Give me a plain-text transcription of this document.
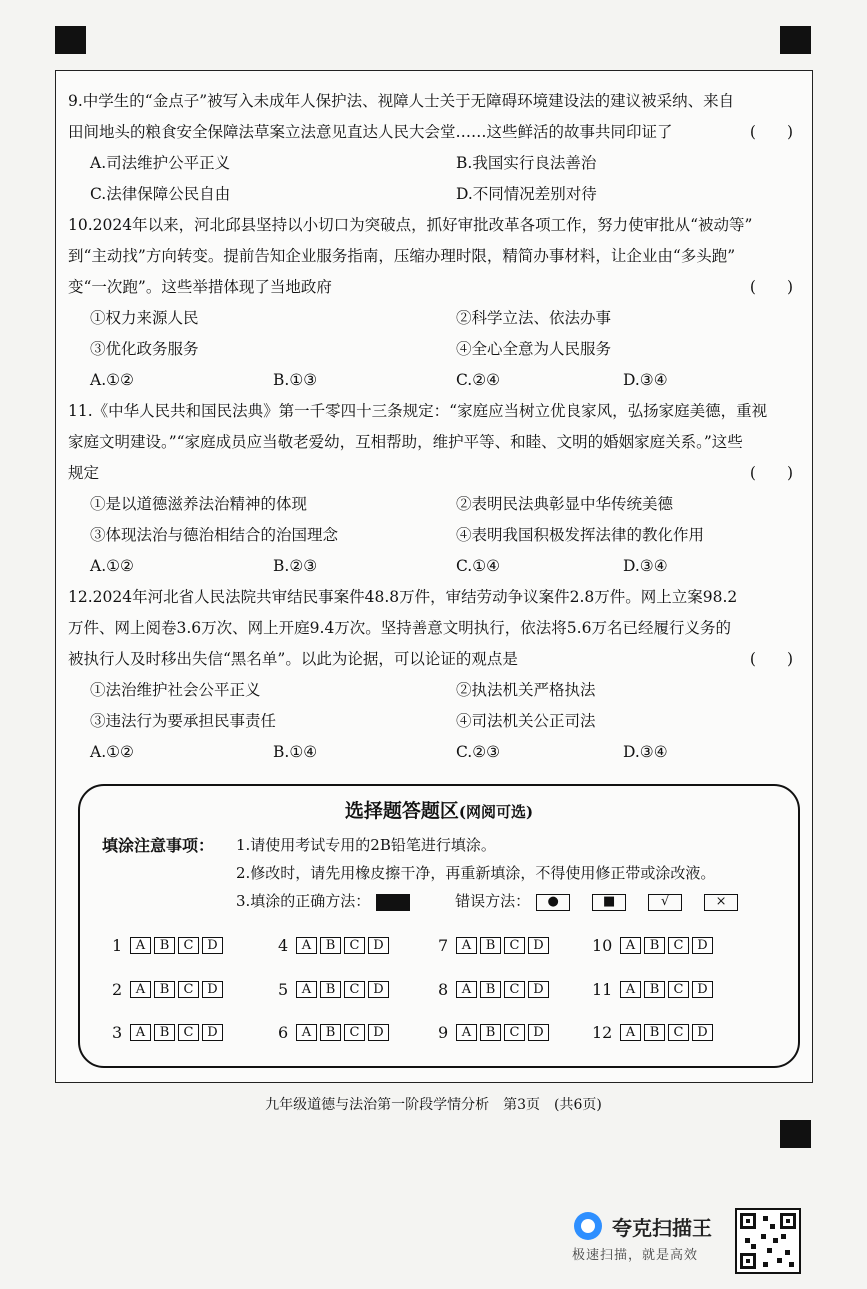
9.中学生的“金点子”被写入未成年人保护法、视障人士关于无障碍环境建设法的建议被采纳、来自
田间地头的粮食安全保障法草案立法意见直达人民大会堂……这些鲜活的故事共同印证了	(　　)
A.司法维护公平正义	B.我国实行良法善治
C.法律保障公民自由	D.不同情况差别对待
10.2024年以来，河北邱县坚持以小切口为突破点，抓好审批改革各项工作，努力使审批从“被动等”
到“主动找”方向转变。提前告知企业服务指南，压缩办理时限，精简办事材料，让企业由“多头跑”
变“一次跑”。这些举措体现了当地政府	(　　)
①权力来源人民	②科学立法、依法办事
③优化政务服务	④全心全意为人民服务
A.①②	B.①③	C.②④	D.③④
11.《中华人民共和国民法典》第一千零四十三条规定：“家庭应当树立优良家风，弘扬家庭美德，重视
家庭文明建设。”“家庭成员应当敬老爱幼，互相帮助，维护平等、和睦、文明的婚姻家庭关系。”这些
规定	(　　)
①是以道德滋养法治精神的体现	②表明民法典彰显中华传统美德
③体现法治与德治相结合的治国理念	④表明我国积极发挥法律的教化作用
A.①②	B.②③	C.①④	D.③④
12.2024年河北省人民法院共审结民事案件48.8万件，审结劳动争议案件2.8万件。网上立案98.2
万件、网上阅卷3.6万次、网上开庭9.4万次。坚持善意文明执行，依法将5.6万名已经履行义务的
被执行人及时移出失信“黑名单”。以此为论据，可以论证的观点是	(　　)
①法治维护社会公平正义	②执法机关严格执法
③违法行为要承担民事责任	④司法机关公正司法
A.①②	B.①④	C.②③	D.③④
选择题答题区(网阅可选)
填涂注意事项： 1.请使用考试专用的2B铅笔进行填涂。
2.修改时，请先用橡皮擦干净，再重新填涂，不得使用修正带或涂改液。
3.填涂的正确方法：	错误方法： ●	■	√	×
1	A	B	C	D	4	A	B	C	D	7	A	B	C	D	10	A	B	C	D
2	A	B	C	D	5	A	B	C	D	8	A	B	C	D	11	A	B	C	D
3	A	B	C	D	6	A	B	C	D	9	A	B	C	D	12	A	B	C	D
九年级道德与法治第一阶段学情分析　第3页　(共6页)
夸克扫描王
极速扫描，就是高效
